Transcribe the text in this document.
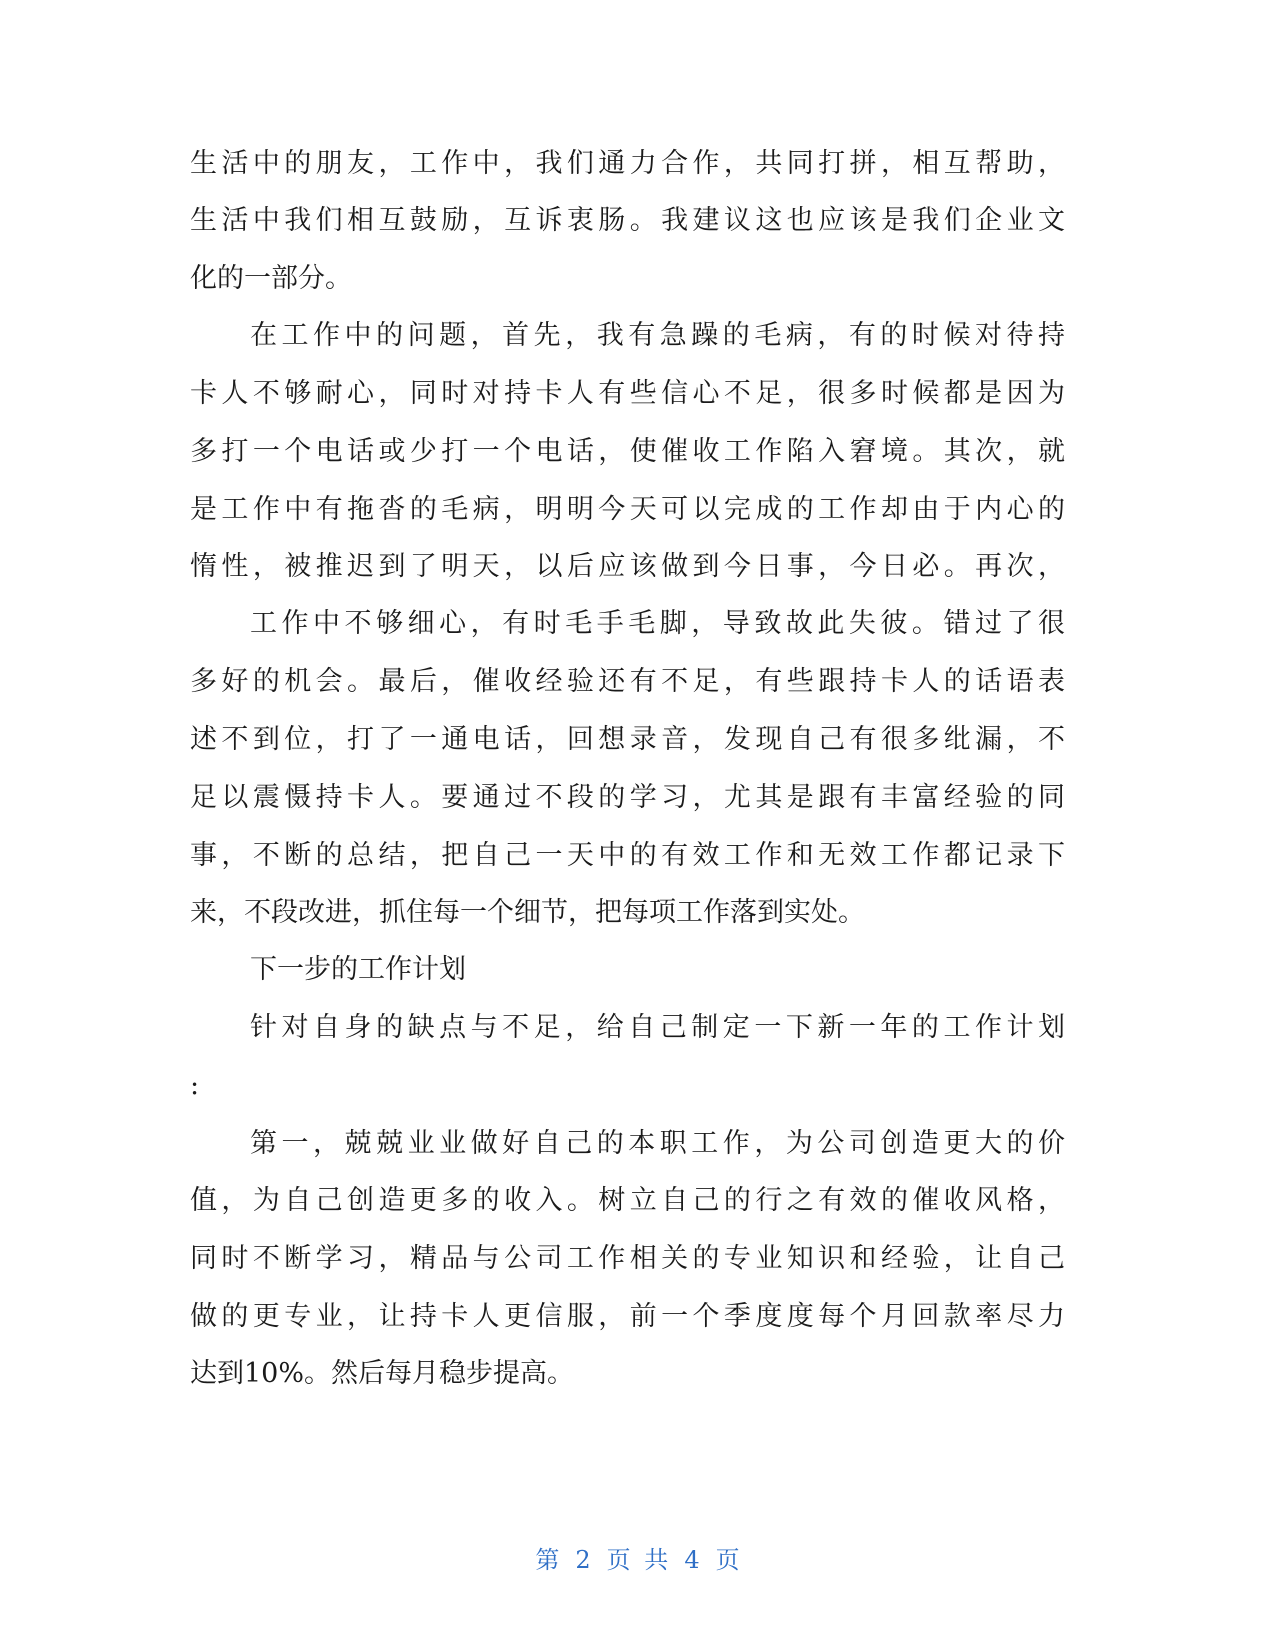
生活中的朋友，工作中，我们通力合作，共同打拼，相互帮助，
生活中我们相互鼓励，互诉衷肠。我建议这也应该是我们企业文
化的一部分。
在工作中的问题，首先，我有急躁的毛病，有的时候对待持
卡人不够耐心，同时对持卡人有些信心不足，很多时候都是因为
多打一个电话或少打一个电话，使催收工作陷入窘境。其次，就
是工作中有拖沓的毛病，明明今天可以完成的工作却由于内心的
惰性，被推迟到了明天，以后应该做到今日事，今日必。再次，
工作中不够细心，有时毛手毛脚，导致故此失彼。错过了很
多好的机会。最后，催收经验还有不足，有些跟持卡人的话语表
述不到位，打了一通电话，回想录音，发现自己有很多纰漏，不
足以震慑持卡人。要通过不段的学习，尤其是跟有丰富经验的同
事，不断的总结，把自己一天中的有效工作和无效工作都记录下
来，不段改进，抓住每一个细节，把每项工作落到实处。
下一步的工作计划
针对自身的缺点与不足，给自己制定一下新一年的工作计划
:
第一，兢兢业业做好自己的本职工作，为公司创造更大的价
值，为自己创造更多的收入。树立自己的行之有效的催收风格，
同时不断学习，精品与公司工作相关的专业知识和经验，让自己
做的更专业，让持卡人更信服，前一个季度度每个月回款率尽力
达到10%。然后每月稳步提高。
第 2 页 共 4 页
